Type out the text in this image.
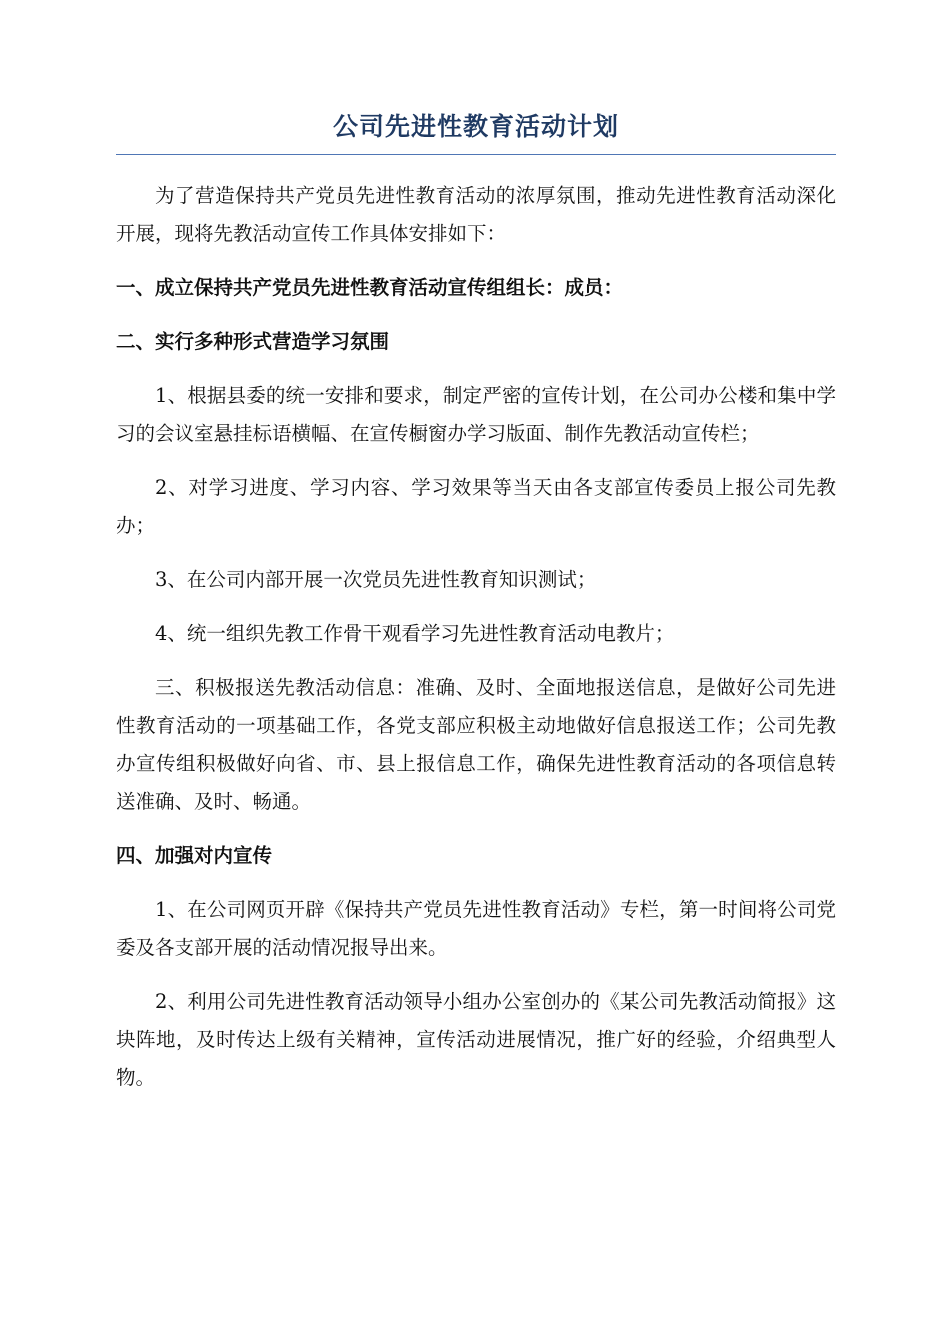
公司先进性教育活动计划

为了营造保持共产党员先进性教育活动的浓厚氛围，推动先进性教育活动深化开展，现将先教活动宣传工作具体安排如下：

一、成立保持共产党员先进性教育活动宣传组组长：成员：

二、实行多种形式营造学习氛围

1、根据县委的统一安排和要求，制定严密的宣传计划，在公司办公楼和集中学习的会议室悬挂标语横幅、在宣传橱窗办学习版面、制作先教活动宣传栏；

2、对学习进度、学习内容、学习效果等当天由各支部宣传委员上报公司先教办；

3、在公司内部开展一次党员先进性教育知识测试；

4、统一组织先教工作骨干观看学习先进性教育活动电教片；

三、积极报送先教活动信息：准确、及时、全面地报送信息，是做好公司先进性教育活动的一项基础工作，各党支部应积极主动地做好信息报送工作；公司先教办宣传组积极做好向省、市、县上报信息工作，确保先进性教育活动的各项信息转送准确、及时、畅通。

四、加强对内宣传

1、在公司网页开辟《保持共产党员先进性教育活动》专栏，第一时间将公司党委及各支部开展的活动情况报导出来。

2、利用公司先进性教育活动领导小组办公室创办的《某公司先教活动简报》这块阵地，及时传达上级有关精神，宣传活动进展情况，推广好的经验，介绍典型人物。
